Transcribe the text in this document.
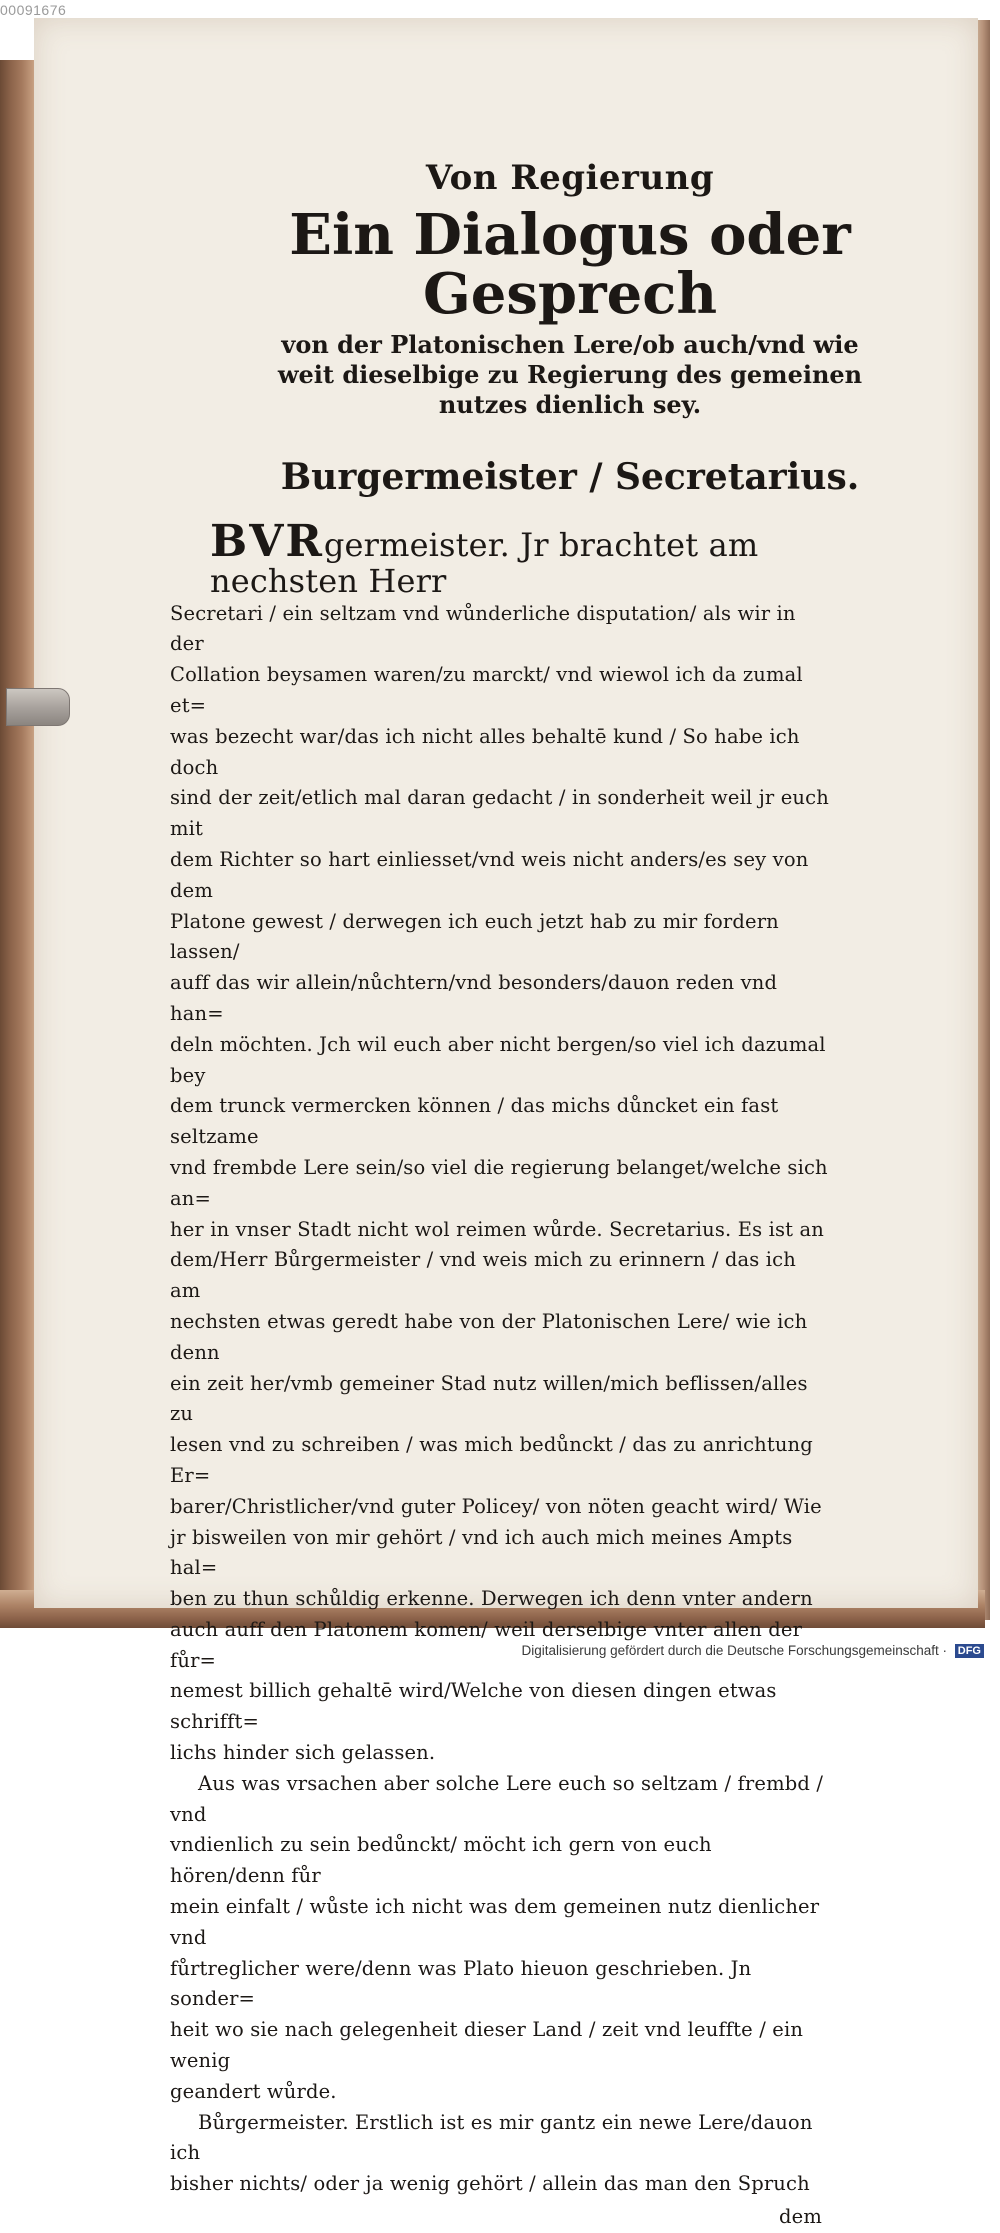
00091676
Von Regierung
Ein Dialogus oder Gesprech
von der Platonischen Lere/ob auch/vnd wie
weit dieselbige zu Regierung des gemeinen
nutzes dienlich sey.
Burgermeister / Secretarius.
BVRgermeister. Jr brachtet am nechsten Herr
Secretari / ein seltzam vnd wůnderliche disputation/ als wir in der
Collation beysamen waren/zu marckt/ vnd wiewol ich da zumal et=
was bezecht war/das ich nicht alles behaltē kund / So habe ich doch
sind der zeit/etlich mal daran gedacht / in sonderheit weil jr euch mit
dem Richter so hart einliesset/vnd weis nicht anders/es sey von dem
Platone gewest / derwegen ich euch jetzt hab zu mir fordern lassen/
auff das wir allein/nůchtern/vnd besonders/dauon reden vnd han=
deln möchten. Jch wil euch aber nicht bergen/so viel ich dazumal bey
dem trunck vermercken können / das michs důncket ein fast seltzame
vnd frembde Lere sein/so viel die regierung belanget/welche sich an=
her in vnser Stadt nicht wol reimen wůrde. Secretarius. Es ist an
dem/Herr Bůrgermeister / vnd weis mich zu erinnern / das ich am
nechsten etwas geredt habe von der Platonischen Lere/ wie ich denn
ein zeit her/vmb gemeiner Stad nutz willen/mich beflissen/alles zu
lesen vnd zu schreiben / was mich bedůnckt / das zu anrichtung Er=
barer/Christlicher/vnd guter Policey/ von nöten geacht wird/ Wie
jr bisweilen von mir gehört / vnd ich auch mich meines Ampts hal=
ben zu thun schůldig erkenne. Derwegen ich denn vnter andern
auch auff den Platonem komen/ weil derselbige vnter allen der fůr=
nemest billich gehaltē wird/Welche von diesen dingen etwas schrifft=
lichs hinder sich gelassen.
Aus was vrsachen aber solche Lere euch so seltzam / frembd / vnd
vndienlich zu sein bedůnckt/ möcht ich gern von euch hören/denn fůr
mein einfalt / wůste ich nicht was dem gemeinen nutz dienlicher vnd
fůrtreglicher were/denn was Plato hieuon geschrieben. Jn sonder=
heit wo sie nach gelegenheit dieser Land / zeit vnd leuffte / ein wenig
geandert wůrde.
Bůrgermeister. Erstlich ist es mir gantz ein newe Lere/dauon ich
bisher nichts/ oder ja wenig gehört / allein das man den Spruch
dem
Digitalisierung gefördert durch die Deutsche Forschungsgemeinschaft · DFG
